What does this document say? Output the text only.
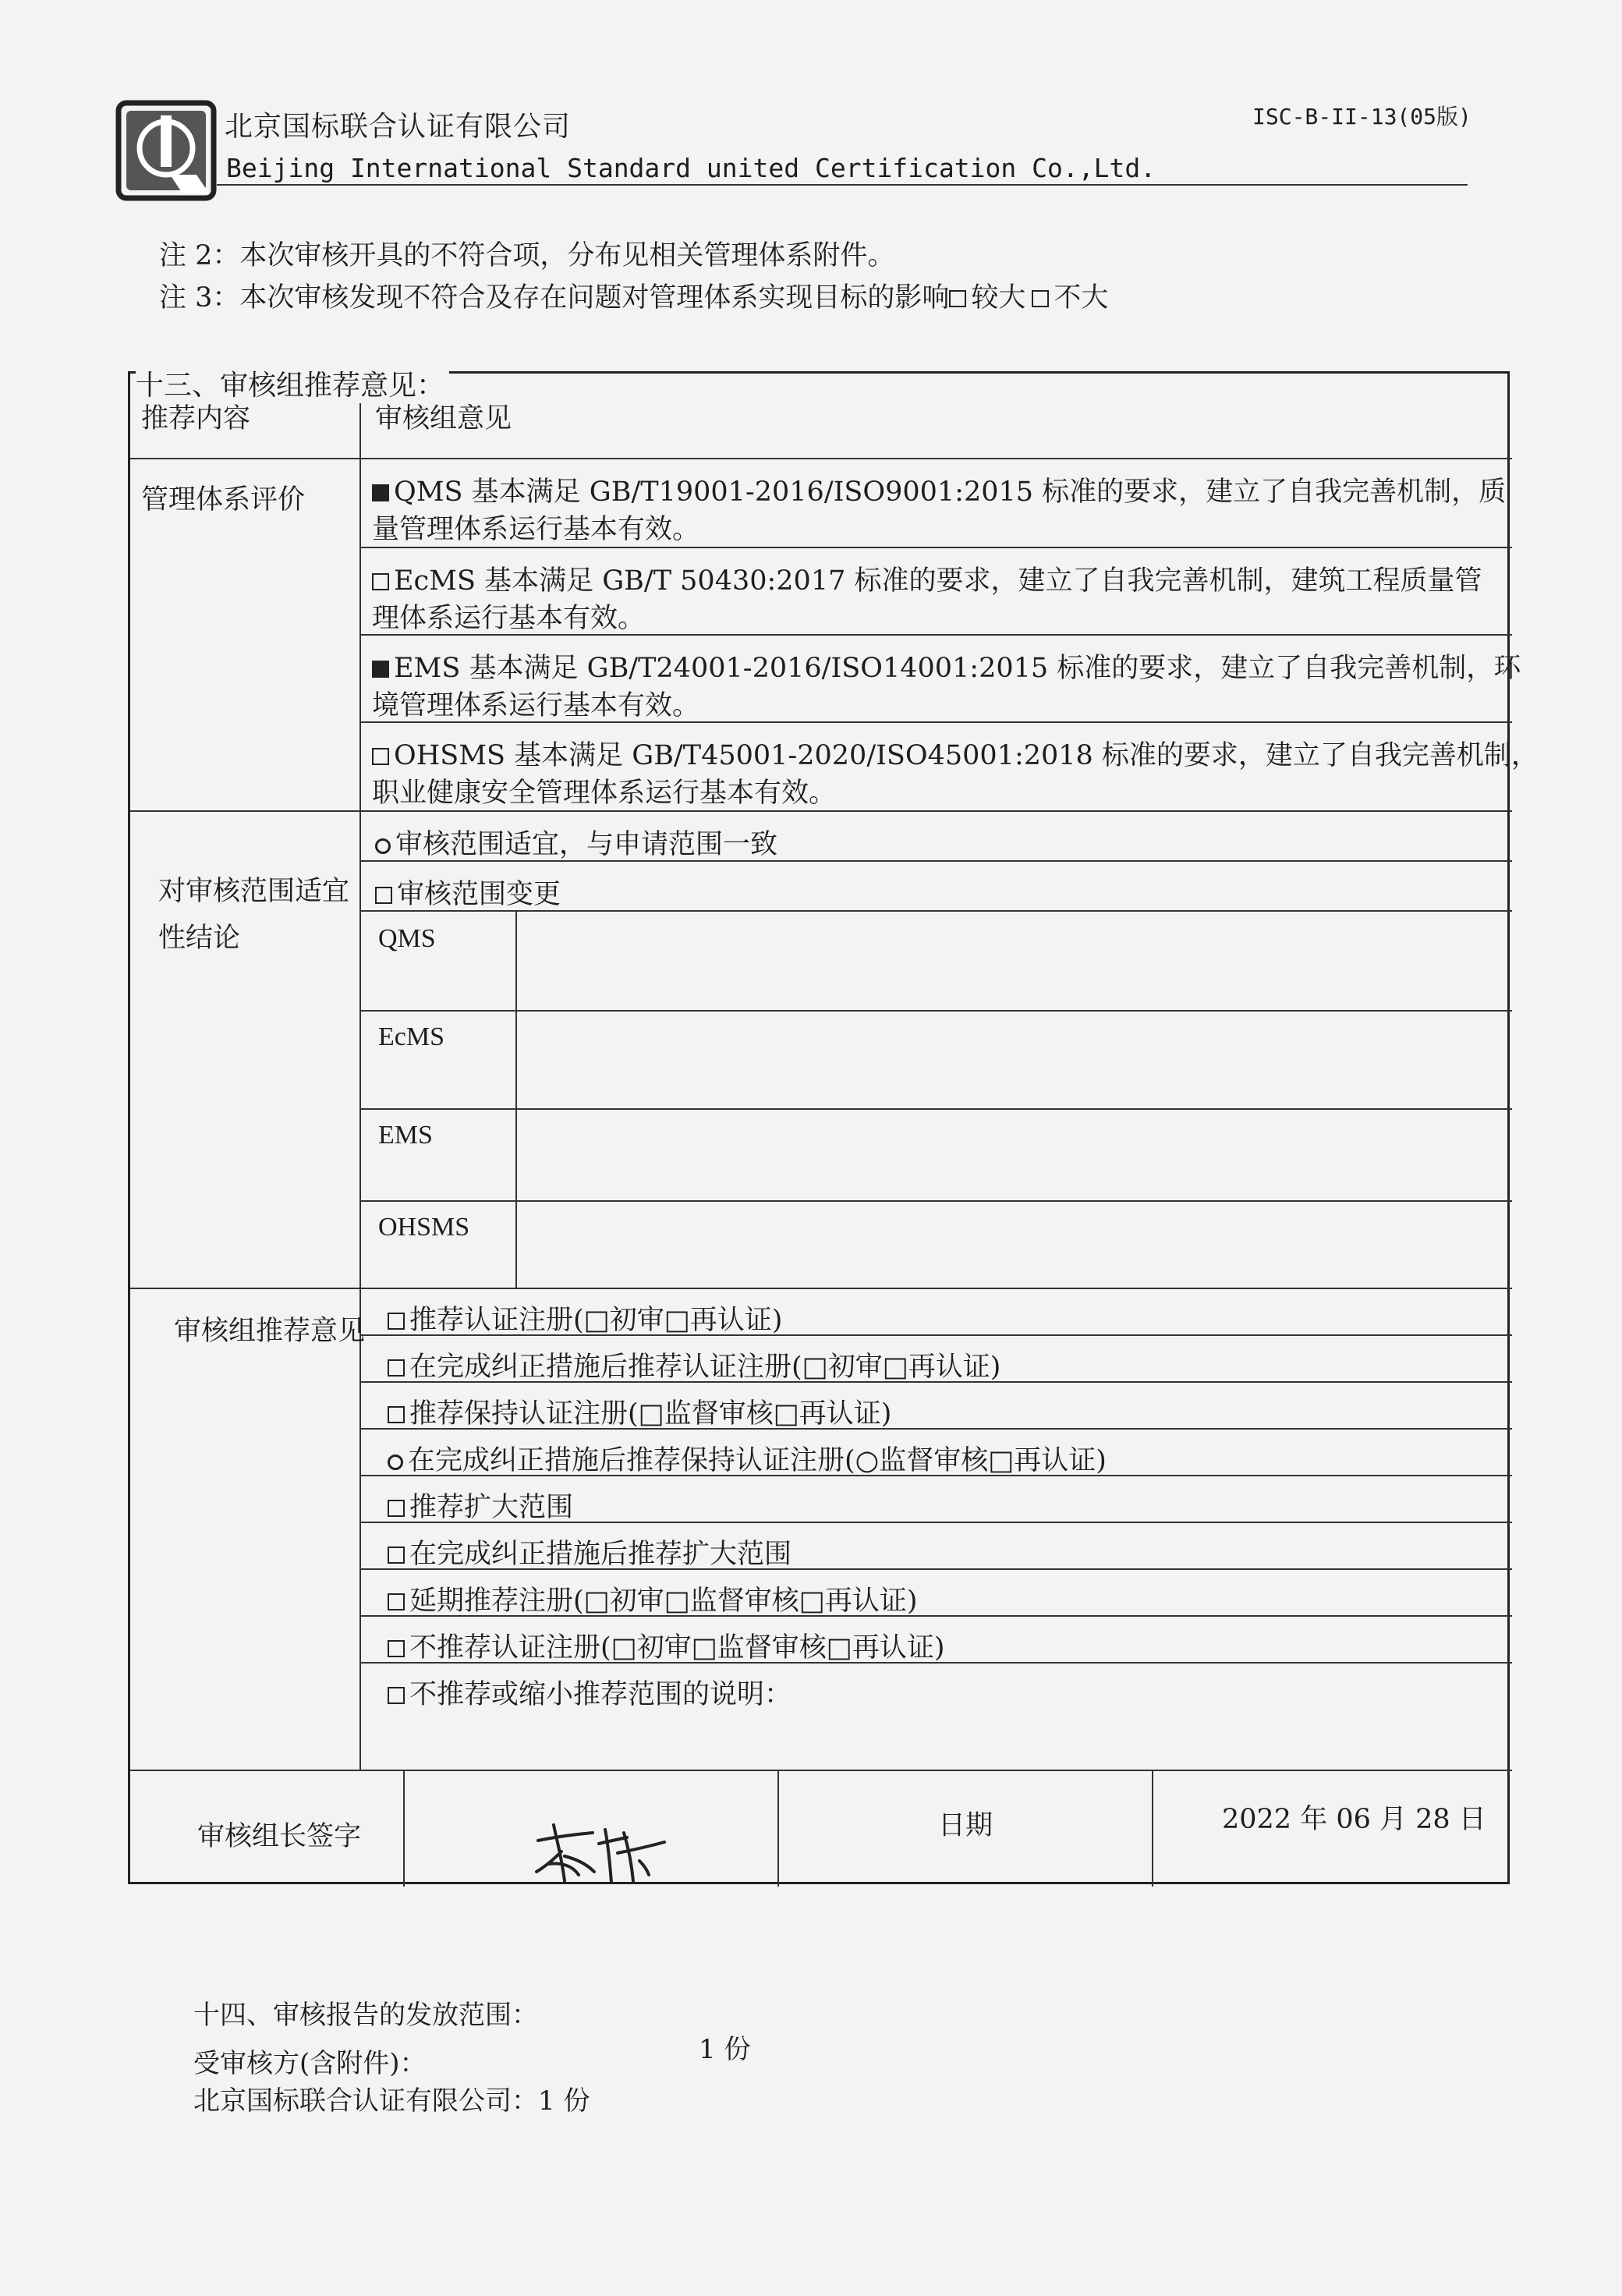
北京国标联合认证有限公司
Beijing International Standard united Certification Co.,Ltd.
ISC-B-II-13(05版)
注 2：本次审核开具的不符合项，分布见相关管理体系附件。
注 3：本次审核发现不符合及存在问题对管理体系实现目标的影响 较大 不大
十三、审核组推荐意见：
推荐内容	审核组意见
管理体系评价	QMS 基本满足 GB/T19001-2016/ISO9001:2015 标准的要求，建立了自我完善机制，质
量管理体系运行基本有效。
EcMS 基本满足 GB/T 50430:2017 标准的要求，建立了自我完善机制，建筑工程质量管
理体系运行基本有效。
EMS 基本满足 GB/T24001-2016/ISO14001:2015 标准的要求，建立了自我完善机制，环
境管理体系运行基本有效。
OHSMS 基本满足 GB/T45001-2020/ISO45001:2018 标准的要求，建立了自我完善机制，
职业健康安全管理体系运行基本有效。
对审核范围适宜
性结论
审核范围适宜，与申请范围一致
审核范围变更
QMS
EcMS
EMS
OHSMS
审核组推荐意见	推荐认证注册(□初审□再认证)
在完成纠正措施后推荐认证注册(□初审□再认证)
推荐保持认证注册(□监督审核□再认证)
在完成纠正措施后推荐保持认证注册(○监督审核□再认证)
推荐扩大范围
在完成纠正措施后推荐扩大范围
延期推荐注册(□初审□监督审核□再认证)
不推荐认证注册(□初审□监督审核□再认证)
不推荐或缩小推荐范围的说明：
审核组长签字	日期	2022 年 06 月 28 日
十四、审核报告的发放范围：
受审核方(含附件)：	1 份
北京国标联合认证有限公司：1 份
